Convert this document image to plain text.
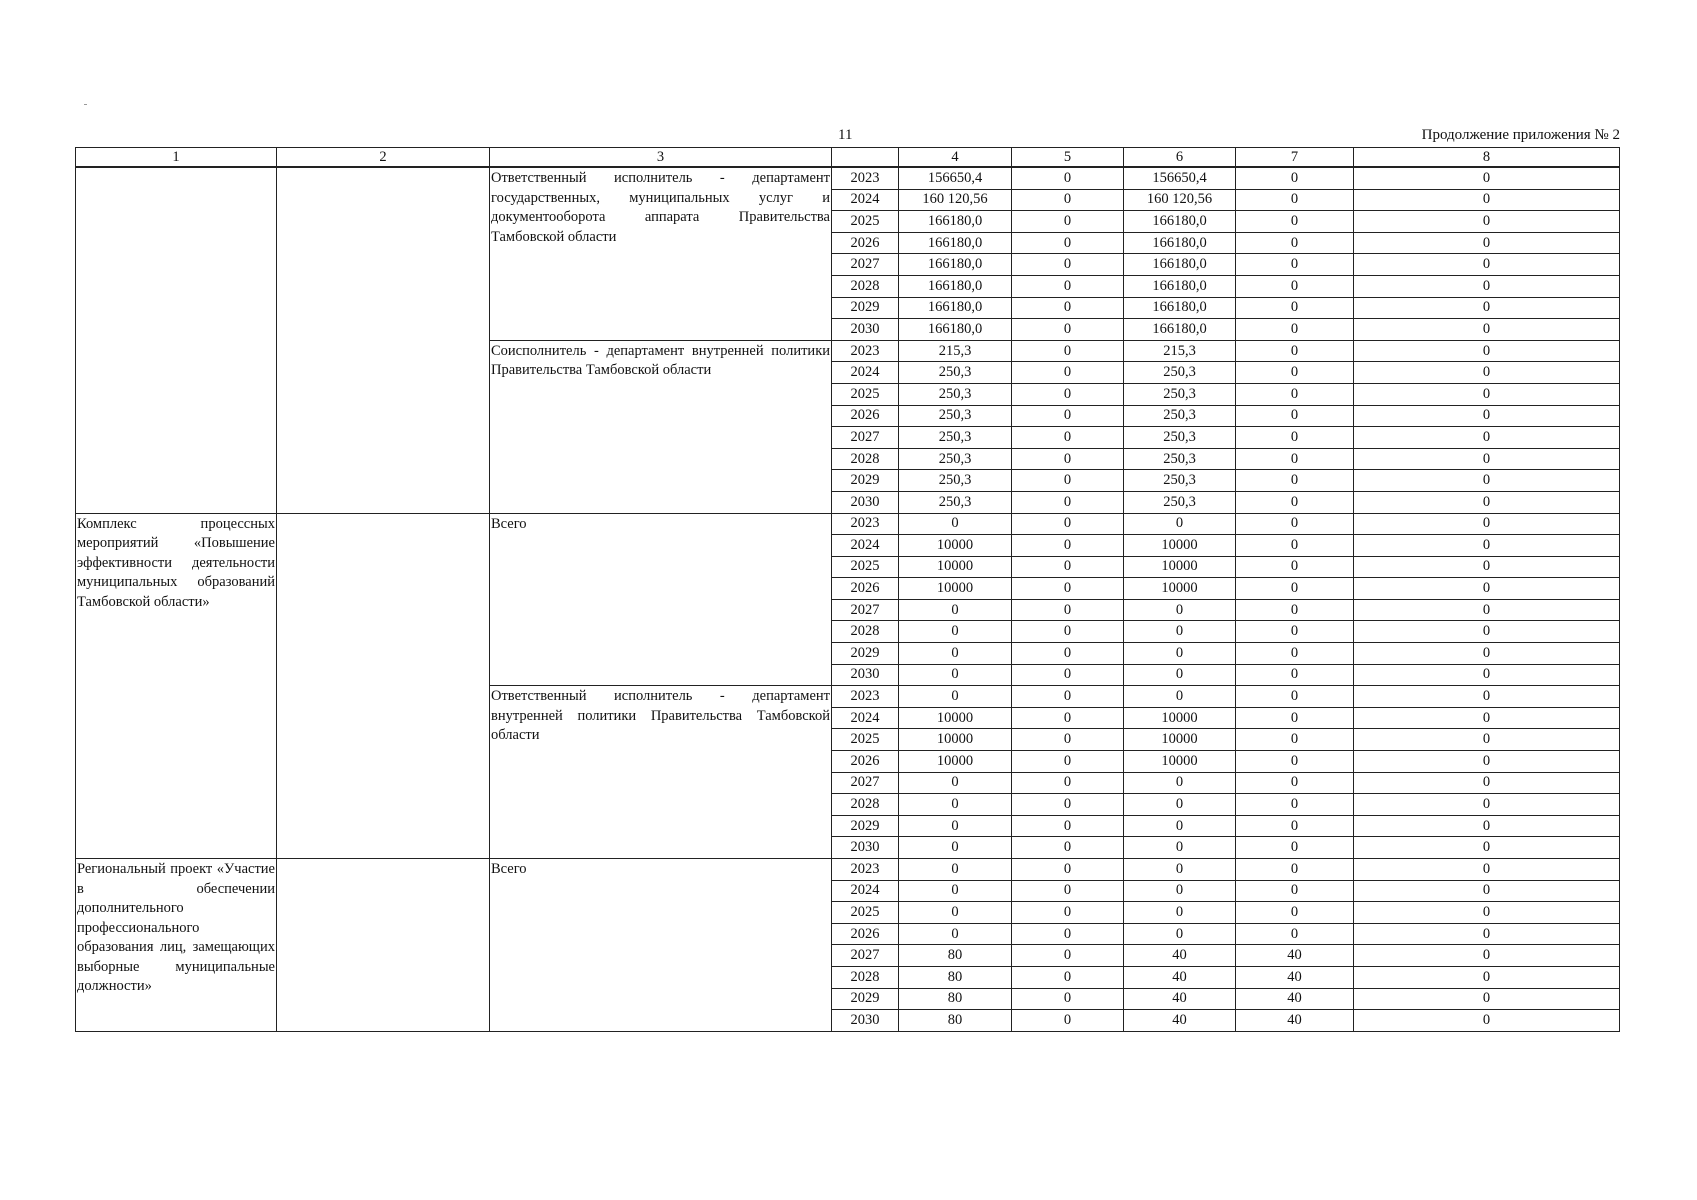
11	Продолжение приложения № 2
1	2	3		4	5	6	7	8
		Ответственный исполнитель - департамент государственных, муниципальных услуг и документооборота аппарата Правительства Тамбовской области	2023	156650,4	0	156650,4	0	0
			2024	160 120,56	0	160 120,56	0	0
			2025	166180,0	0	166180,0	0	0
			2026	166180,0	0	166180,0	0	0
			2027	166180,0	0	166180,0	0	0
			2028	166180,0	0	166180,0	0	0
			2029	166180,0	0	166180,0	0	0
			2030	166180,0	0	166180,0	0	0
		Соисполнитель - департамент внутренней политики Правительства Тамбовской области	2023	215,3	0	215,3	0	0
			2024	250,3	0	250,3	0	0
			2025	250,3	0	250,3	0	0
			2026	250,3	0	250,3	0	0
			2027	250,3	0	250,3	0	0
			2028	250,3	0	250,3	0	0
			2029	250,3	0	250,3	0	0
			2030	250,3	0	250,3	0	0
Комплекс процессных мероприятий «Повышение эффективности деятельности муниципальных образований Тамбовской области»		Всего	2023	0	0	0	0	0
			2024	10000	0	10000	0	0
			2025	10000	0	10000	0	0
			2026	10000	0	10000	0	0
			2027	0	0	0	0	0
			2028	0	0	0	0	0
			2029	0	0	0	0	0
			2030	0	0	0	0	0
		Ответственный исполнитель - департамент внутренней политики Правительства Тамбовской области	2023	0	0	0	0	0
			2024	10000	0	10000	0	0
			2025	10000	0	10000	0	0
			2026	10000	0	10000	0	0
			2027	0	0	0	0	0
			2028	0	0	0	0	0
			2029	0	0	0	0	0
			2030	0	0	0	0	0
Региональный проект «Участие в обеспечении дополнительного профессионального образования лиц, замещающих выборные муниципальные должности»		Всего	2023	0	0	0	0	0
			2024	0	0	0	0	0
			2025	0	0	0	0	0
			2026	0	0	0	0	0
			2027	80	0	40	40	0
			2028	80	0	40	40	0
			2029	80	0	40	40	0
			2030	80	0	40	40	0
